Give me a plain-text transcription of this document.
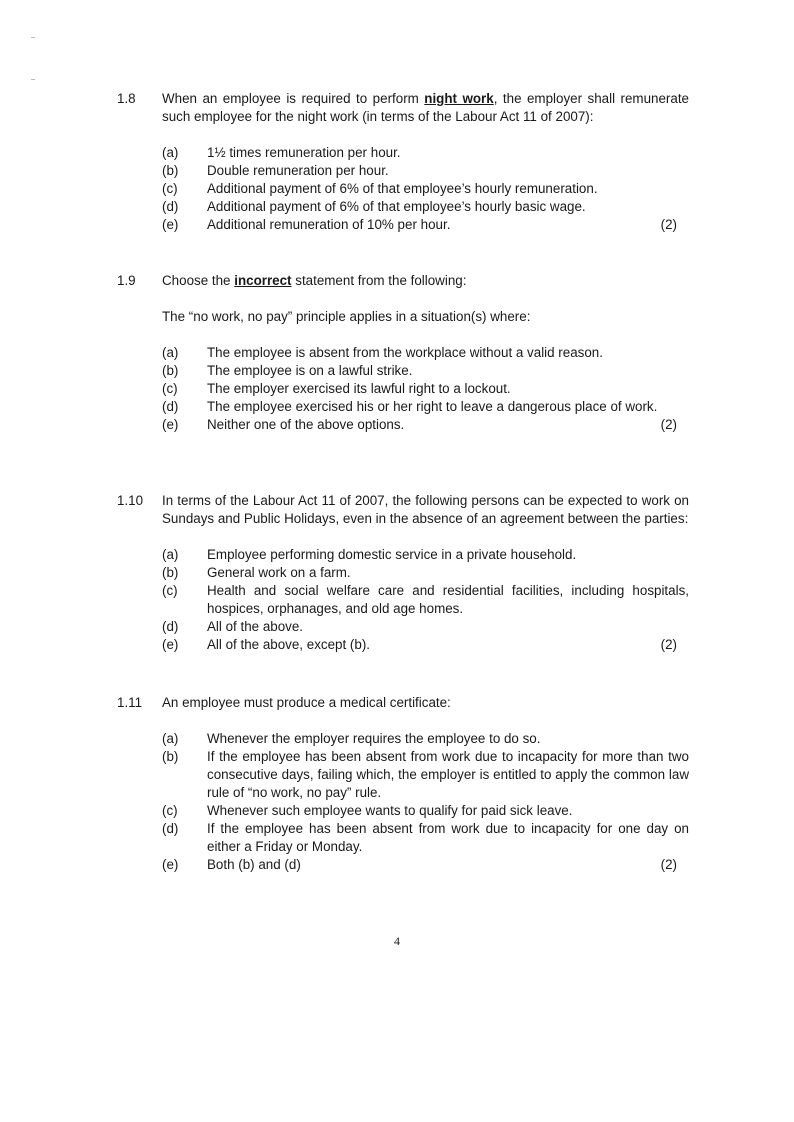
1.8 When an employee is required to perform night work, the employer shall remunerate such employee for the night work (in terms of the Labour Act 11 of 2007):
(a) 1½ times remuneration per hour.
(b) Double remuneration per hour.
(c) Additional payment of 6% of that employee’s hourly remuneration.
(d) Additional payment of 6% of that employee’s hourly basic wage.
(e) Additional remuneration of 10% per hour.	(2)
1.9 Choose the incorrect statement from the following:
The “no work, no pay” principle applies in a situation(s) where:
(a) The employee is absent from the workplace without a valid reason.
(b) The employee is on a lawful strike.
(c) The employer exercised its lawful right to a lockout.
(d) The employee exercised his or her right to leave a dangerous place of work.
(e) Neither one of the above options.	(2)
1.10 In terms of the Labour Act 11 of 2007, the following persons can be expected to work on Sundays and Public Holidays, even in the absence of an agreement between the parties:
(a) Employee performing domestic service in a private household.
(b) General work on a farm.
(c) Health and social welfare care and residential facilities, including hospitals, hospices, orphanages, and old age homes.
(d) All of the above.
(e) All of the above, except (b).	(2)
1.11 An employee must produce a medical certificate:
(a) Whenever the employer requires the employee to do so.
(b) If the employee has been absent from work due to incapacity for more than two consecutive days, failing which, the employer is entitled to apply the common law rule of “no work, no pay” rule.
(c) Whenever such employee wants to qualify for paid sick leave.
(d) If the employee has been absent from work due to incapacity for one day on either a Friday or Monday.
(e) Both (b) and (d)	(2)
4
